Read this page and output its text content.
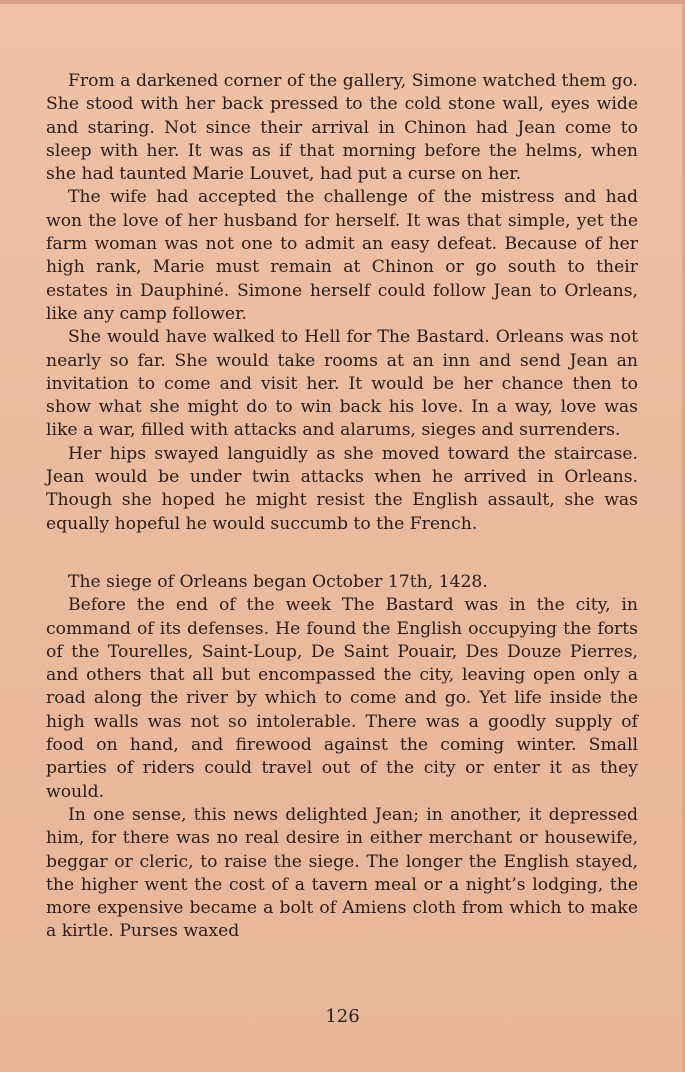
From a darkened corner of the gallery, Simone watched them go. She stood with her back pressed to the cold stone wall, eyes wide and staring. Not since their arrival in Chinon had Jean come to sleep with her. It was as if that morning before the helms, when she had taunted Marie Louvet, had put a curse on her.

The wife had accepted the challenge of the mistress and had won the love of her husband for herself. It was that simple, yet the farm woman was not one to admit an easy defeat. Because of her high rank, Marie must remain at Chinon or go south to their estates in Dauphiné. Simone herself could follow Jean to Orleans, like any camp follower.

She would have walked to Hell for The Bastard. Orleans was not nearly so far. She would take rooms at an inn and send Jean an invitation to come and visit her. It would be her chance then to show what she might do to win back his love. In a way, love was like a war, filled with attacks and alarums, sieges and surrenders.

Her hips swayed languidly as she moved toward the staircase. Jean would be under twin attacks when he arrived in Orleans. Though she hoped he might resist the English assault, she was equally hopeful he would succumb to the French.

The siege of Orleans began October 17th, 1428.

Before the end of the week The Bastard was in the city, in command of its defenses. He found the English occupying the forts of the Tourelles, Saint-Loup, De Saint Pouair, Des Douze Pierres, and others that all but encompassed the city, leaving open only a road along the river by which to come and go. Yet life inside the high walls was not so intolerable. There was a goodly supply of food on hand, and firewood against the coming winter. Small parties of riders could travel out of the city or enter it as they would.

In one sense, this news delighted Jean; in another, it depressed him, for there was no real desire in either merchant or housewife, beggar or cleric, to raise the siege. The longer the English stayed, the higher went the cost of a tavern meal or a night’s lodging, the more expensive became a bolt of Amiens cloth from which to make a kirtle. Purses waxed

126
